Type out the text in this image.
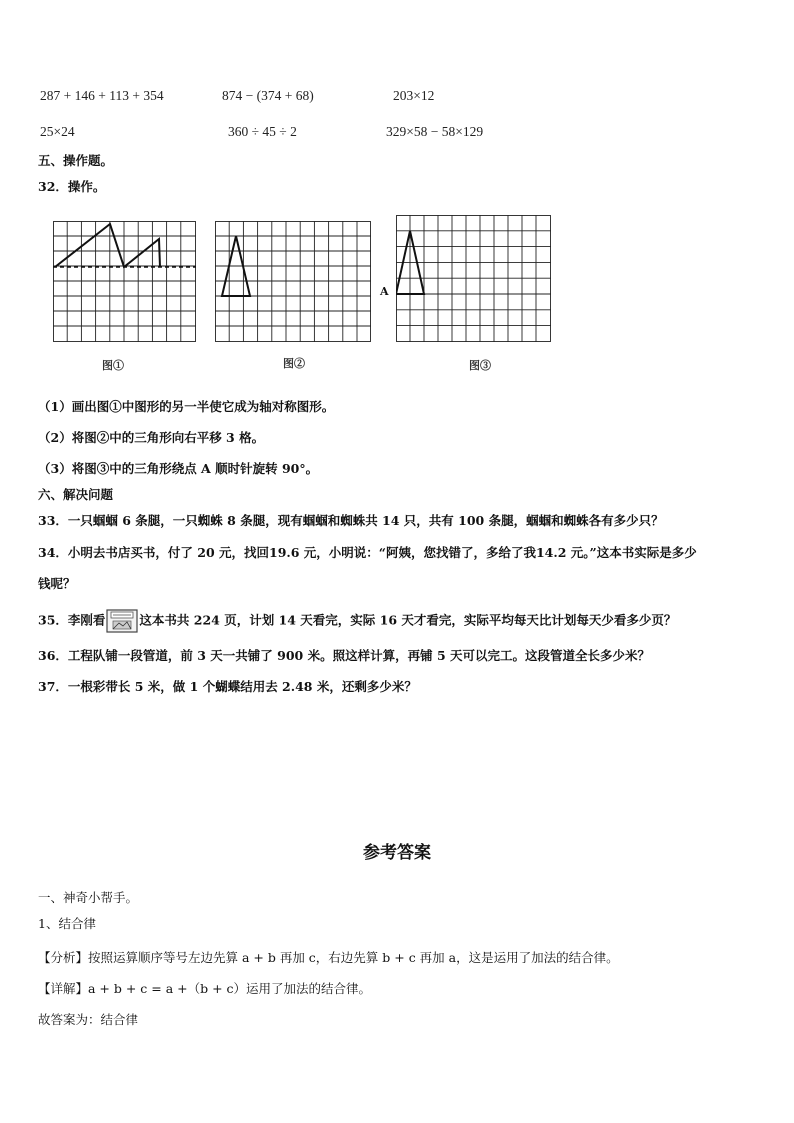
287 + 146 + 113 + 354	874 − (374 + 68)	203×12
25×24	360 ÷ 45 ÷ 2	329×58 − 58×129
五、操作题。
32．操作。
图①	图②
A
图③
（1）画出图①中图形的另一半使它成为轴对称图形。
（2）将图②中的三角形向右平移 3 格。
（3）将图③中的三角形绕点 A 顺时针旋转 90°。
六、解决问题
33．一只蝈蝈 6 条腿，一只蜘蛛 8 条腿，现有蝈蝈和蜘蛛共 14 只，共有 100 条腿，蝈蝈和蜘蛛各有多少只？
34．小明去书店买书，付了 20 元，找回19.6 元，小明说：“阿姨，您找错了，多给了我14.2 元。”这本书实际是多少
钱呢？
35．李刚看	这本书共 224 页，计划 14 天看完，实际 16 天才看完，实际平均每天比计划每天少看多少页？
36．工程队铺一段管道，前 3 天一共铺了 900 米。照这样计算，再铺 5 天可以完工。这段管道全长多少米？
37．一根彩带长 5 米，做 1 个蝴蝶结用去 2.48 米，还剩多少米？
参考答案
一、神奇小帮手。
1、结合律
【分析】按照运算顺序等号左边先算 a + b 再加 c，右边先算 b + c 再加 a，这是运用了加法的结合律。
【详解】a + b + c = a +（b + c）运用了加法的结合律。
故答案为：结合律
